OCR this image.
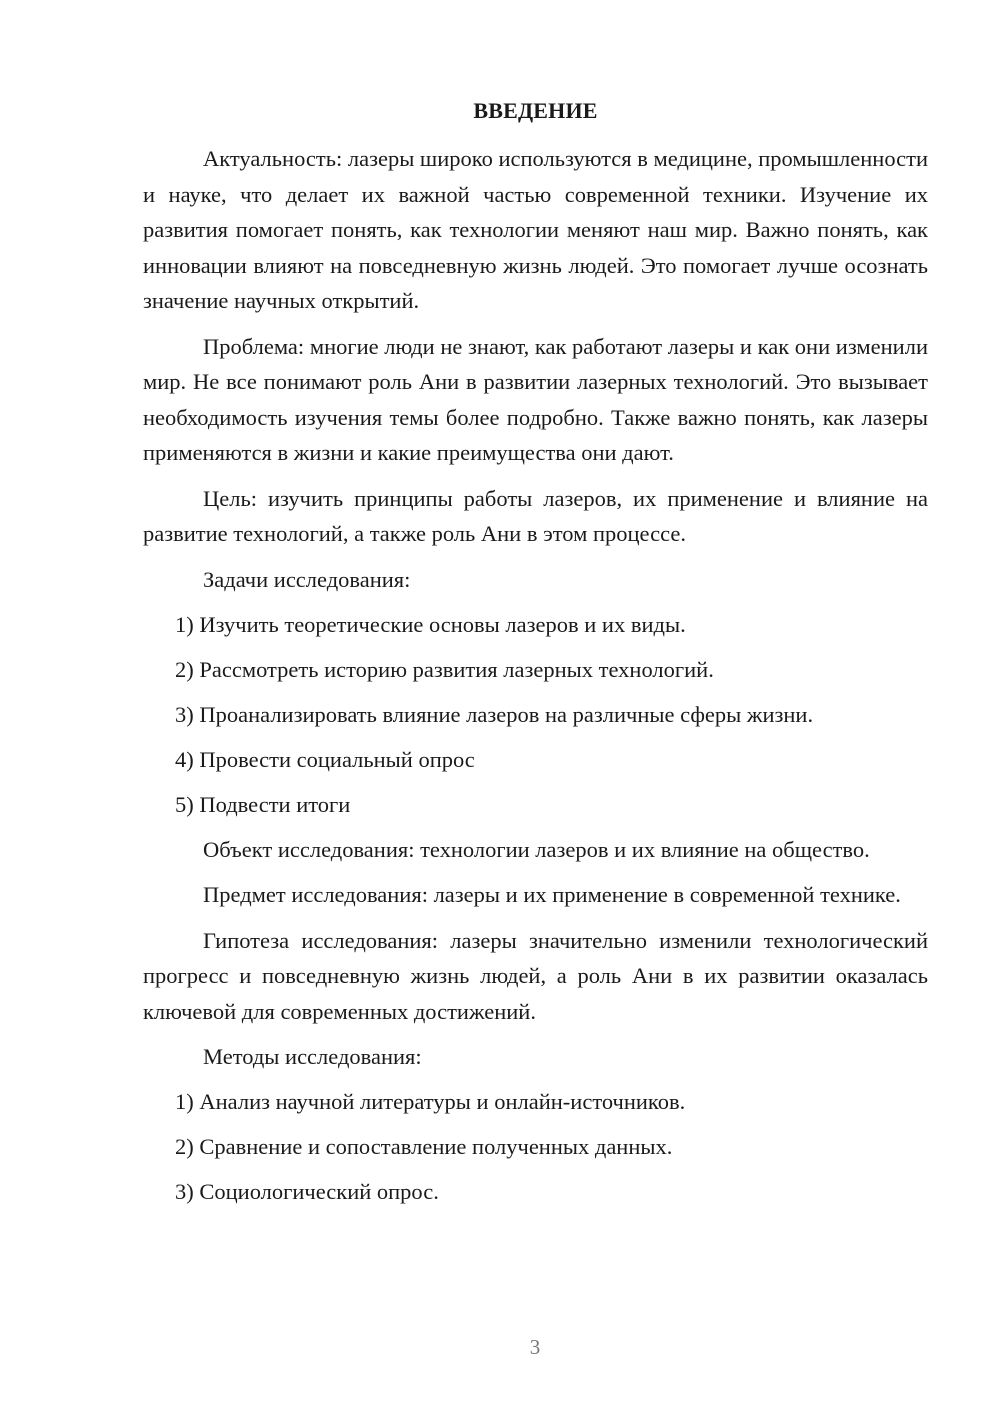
ВВЕДЕНИЕ

Актуальность: лазеры широко используются в медицине, промышленности и науке, что делает их важной частью современной техники. Изучение их развития помогает понять, как технологии меняют наш мир. Важно понять, как инновации влияют на повседневную жизнь людей. Это помогает лучше осознать значение научных открытий.

Проблема: многие люди не знают, как работают лазеры и как они изменили мир. Не все понимают роль Ани в развитии лазерных технологий. Это вызывает необходимость изучения темы более подробно. Также важно понять, как лазеры применяются в жизни и какие преимущества они дают.

Цель: изучить принципы работы лазеров, их применение и влияние на развитие технологий, а также роль Ани в этом процессе.

Задачи исследования:
1) Изучить теоретические основы лазеров и их виды.
2) Рассмотреть историю развития лазерных технологий.
3) Проанализировать влияние лазеров на различные сферы жизни.
4) Провести социальный опрос
5) Подвести итоги

Объект исследования: технологии лазеров и их влияние на общество.

Предмет исследования: лазеры и их применение в современной технике.

Гипотеза исследования: лазеры значительно изменили технологический прогресс и повседневную жизнь людей, а роль Ани в их развитии оказалась ключевой для современных достижений.

Методы исследования:
1) Анализ научной литературы и онлайн-источников.
2) Сравнение и сопоставление полученных данных.
3) Социологический опрос.
3
